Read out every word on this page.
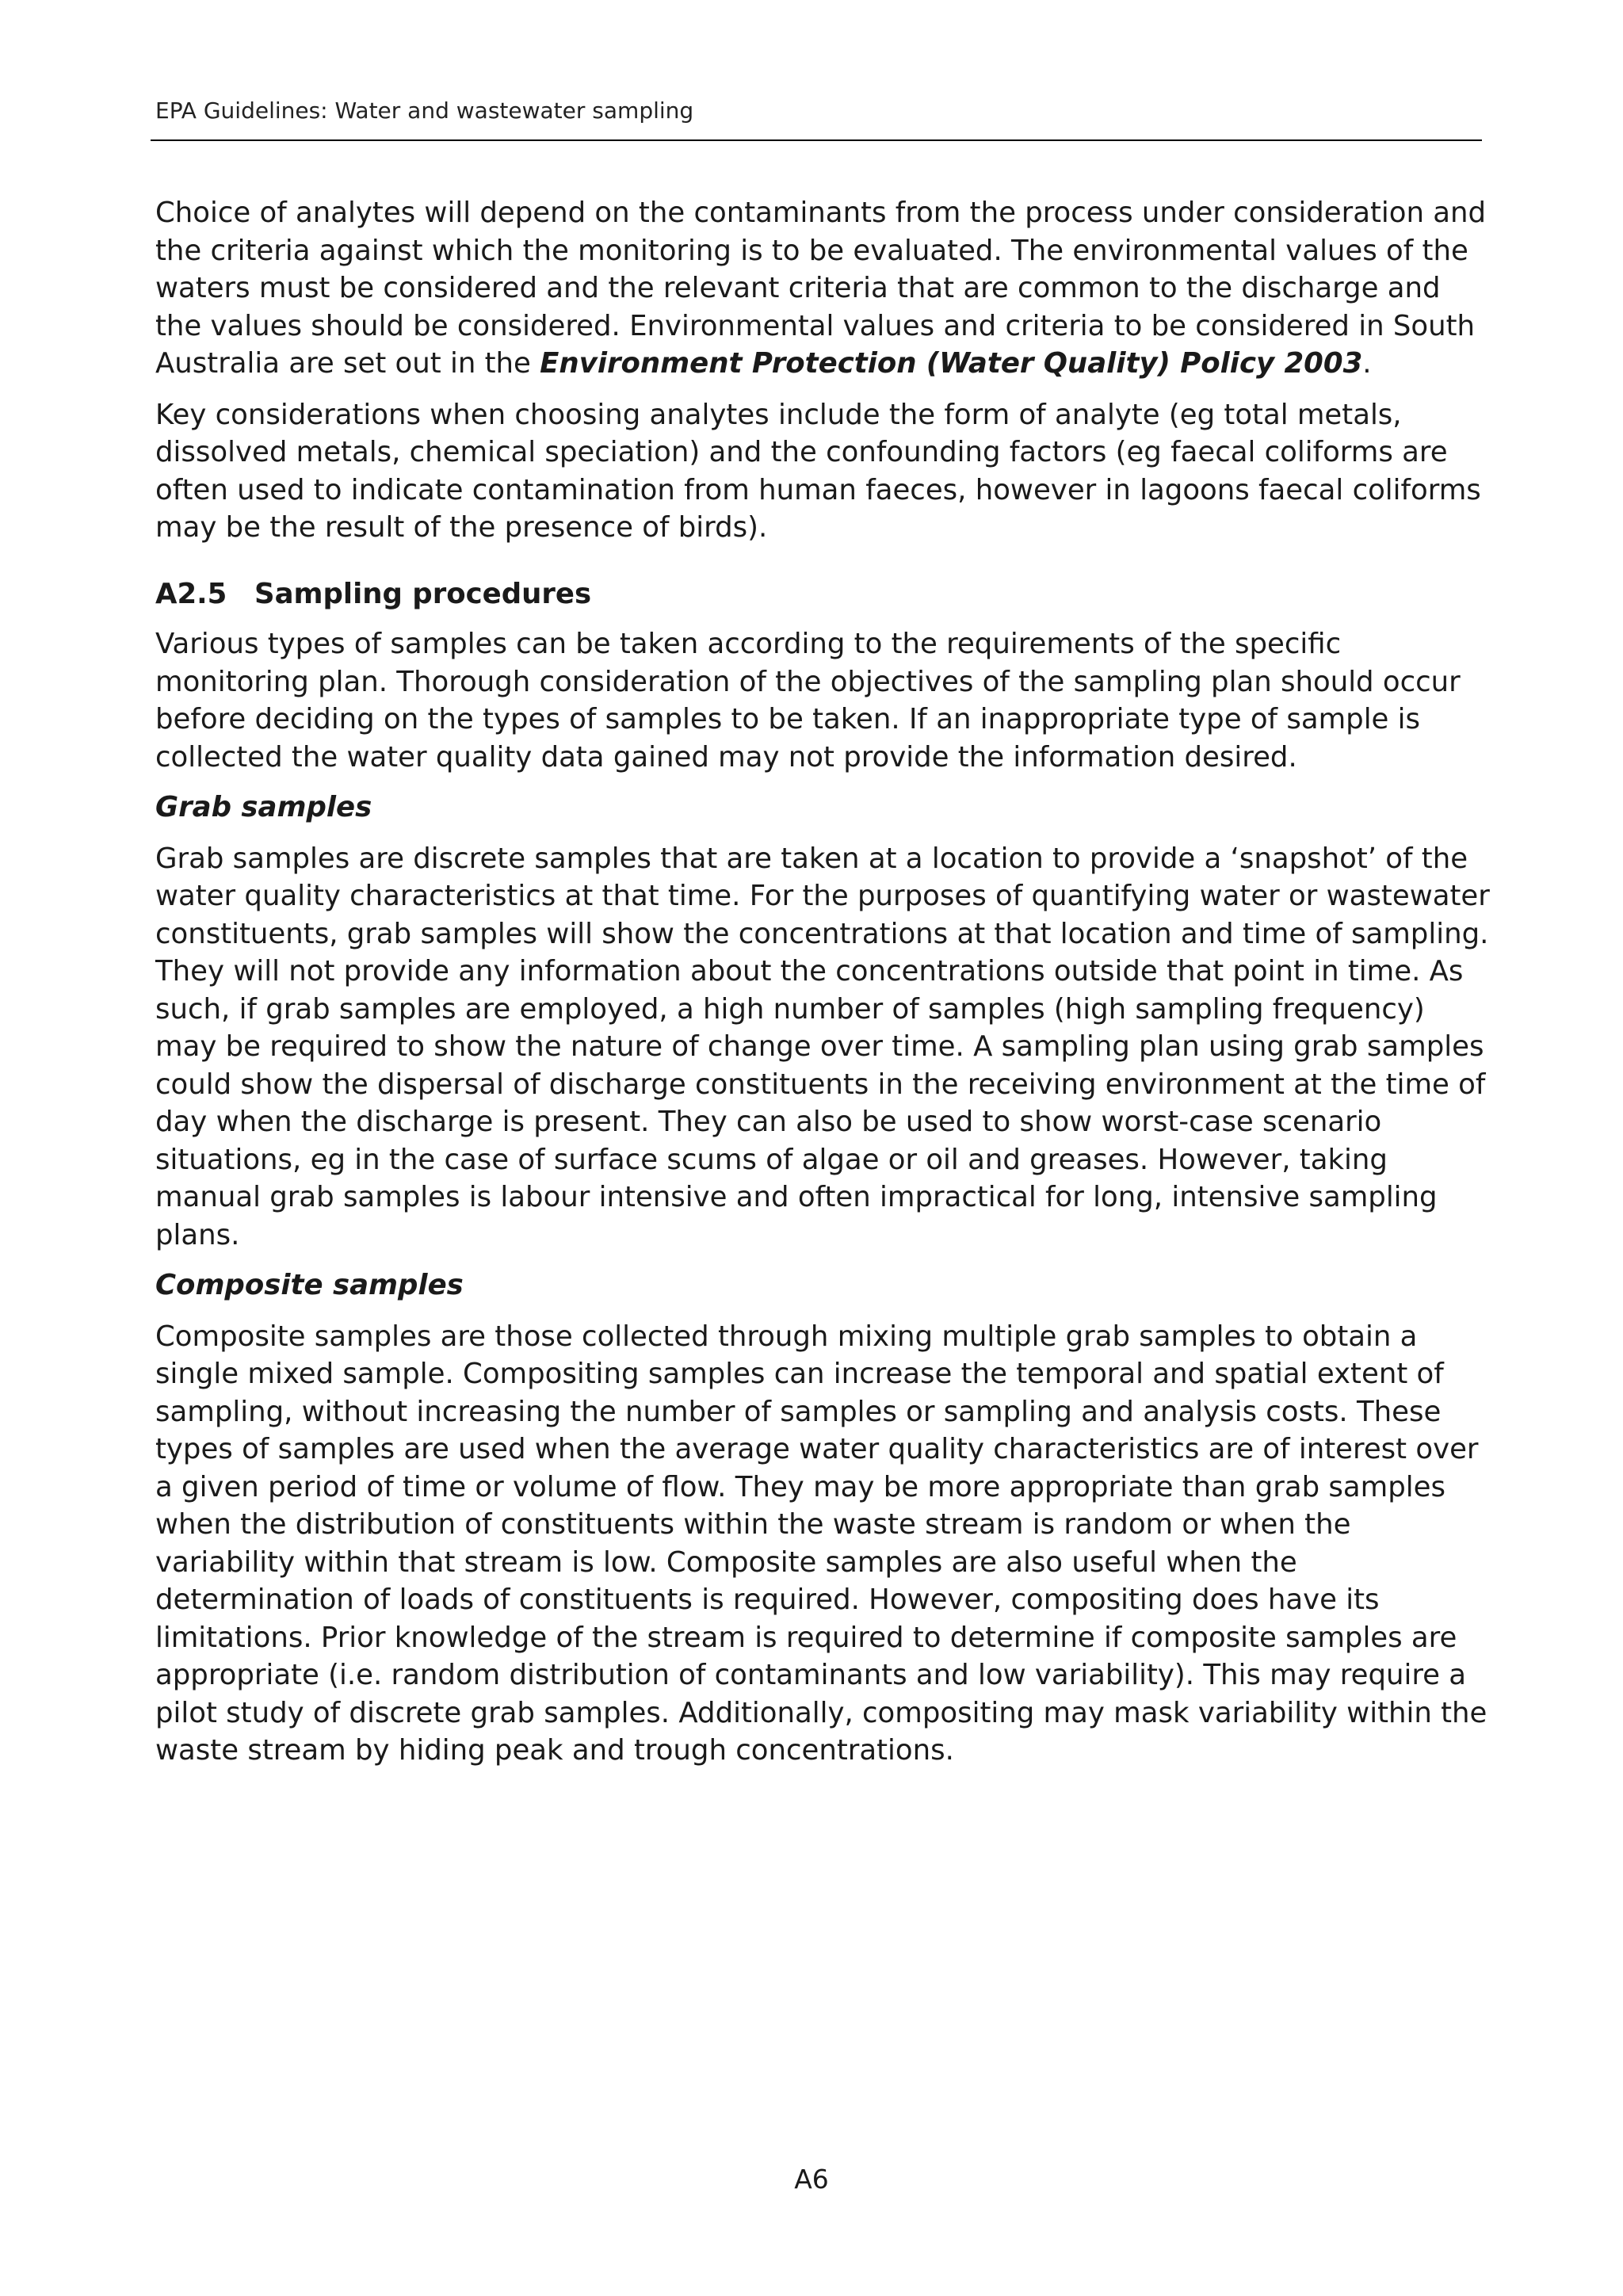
EPA Guidelines: Water and wastewater sampling

Choice of analytes will depend on the contaminants from the process under consideration and the criteria against which the monitoring is to be evaluated. The environmental values of the waters must be considered and the relevant criteria that are common to the discharge and the values should be considered. Environmental values and criteria to be considered in South Australia are set out in the Environment Protection (Water Quality) Policy 2003.

Key considerations when choosing analytes include the form of analyte (eg total metals, dissolved metals, chemical speciation) and the confounding factors (eg faecal coliforms are often used to indicate contamination from human faeces, however in lagoons faecal coliforms may be the result of the presence of birds).

A2.5 Sampling procedures

Various types of samples can be taken according to the requirements of the specific monitoring plan. Thorough consideration of the objectives of the sampling plan should occur before deciding on the types of samples to be taken. If an inappropriate type of sample is collected the water quality data gained may not provide the information desired.

Grab samples

Grab samples are discrete samples that are taken at a location to provide a ‘snapshot’ of the water quality characteristics at that time. For the purposes of quantifying water or wastewater constituents, grab samples will show the concentrations at that location and time of sampling. They will not provide any information about the concentrations outside that point in time. As such, if grab samples are employed, a high number of samples (high sampling frequency) may be required to show the nature of change over time. A sampling plan using grab samples could show the dispersal of discharge constituents in the receiving environment at the time of day when the discharge is present. They can also be used to show worst-case scenario situations, eg in the case of surface scums of algae or oil and greases. However, taking manual grab samples is labour intensive and often impractical for long, intensive sampling plans.

Composite samples

Composite samples are those collected through mixing multiple grab samples to obtain a single mixed sample. Compositing samples can increase the temporal and spatial extent of sampling, without increasing the number of samples or sampling and analysis costs. These types of samples are used when the average water quality characteristics are of interest over a given period of time or volume of flow. They may be more appropriate than grab samples when the distribution of constituents within the waste stream is random or when the variability within that stream is low. Composite samples are also useful when the determination of loads of constituents is required. However, compositing does have its limitations. Prior knowledge of the stream is required to determine if composite samples are appropriate (i.e. random distribution of contaminants and low variability). This may require a pilot study of discrete grab samples. Additionally, compositing may mask variability within the waste stream by hiding peak and trough concentrations.

A6
